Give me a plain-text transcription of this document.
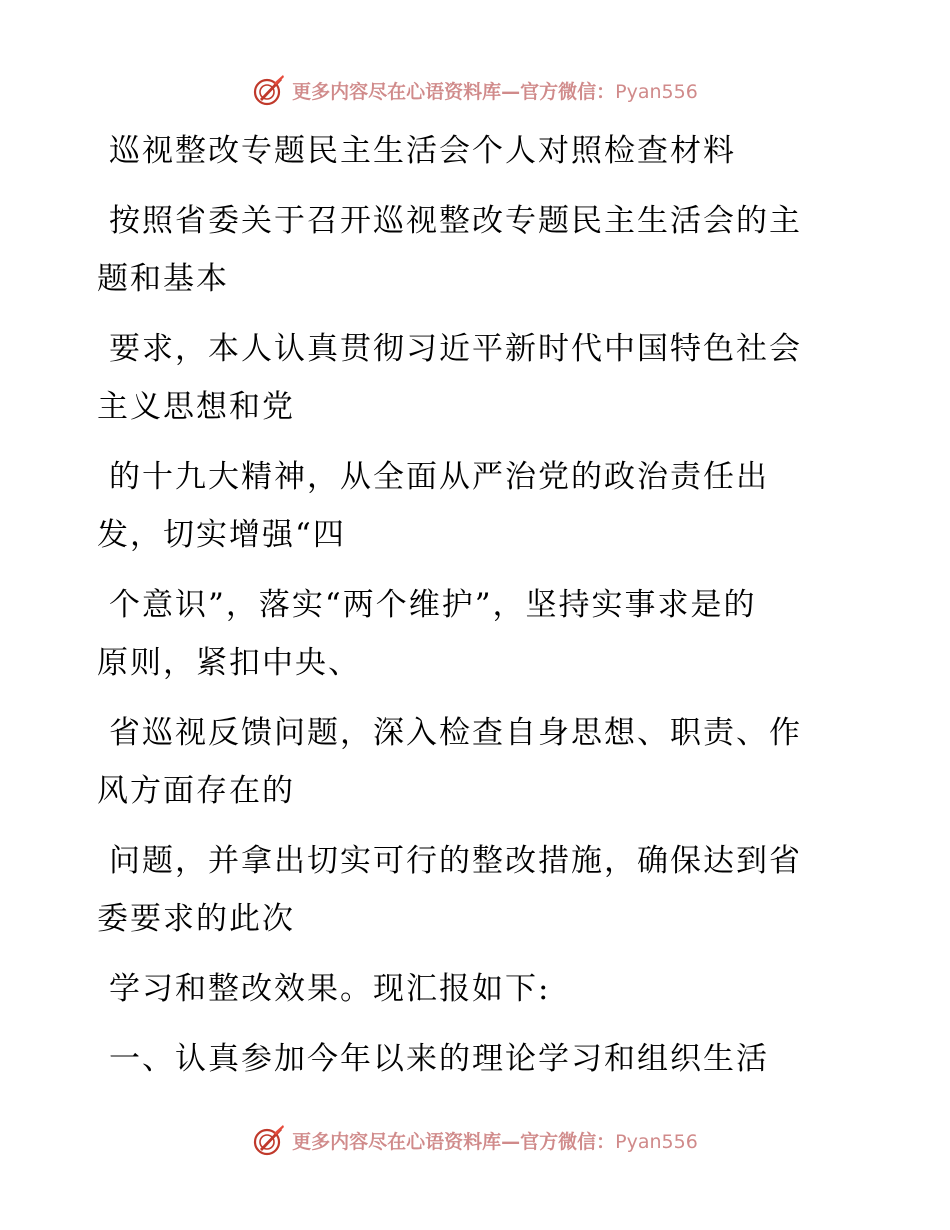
更多内容尽在心语资料库—官方微信：Pyan556
巡视整改专题民主生活会个人对照检查材料
按照省委关于召开巡视整改专题民主生活会的主
题和基本
要求，本人认真贯彻习近平新时代中国特色社会
主义思想和党
的十九大精神，从全面从严治党的政治责任出
发，切实增强“四
个意识”，落实“两个维护”，坚持实事求是的
原则，紧扣中央、
省巡视反馈问题，深入检查自身思想、职责、作
风方面存在的
问题，并拿出切实可行的整改措施，确保达到省
委要求的此次
学习和整改效果。现汇报如下:
一、认真参加今年以来的理论学习和组织生活
更多内容尽在心语资料库—官方微信：Pyan556
